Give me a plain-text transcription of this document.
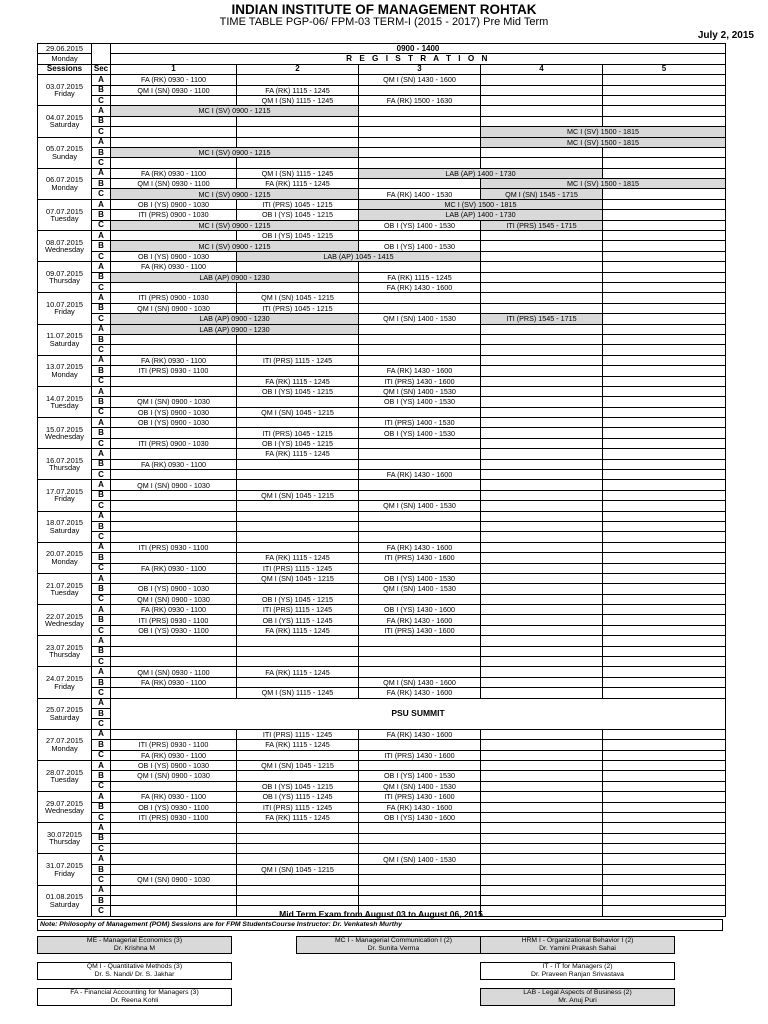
INDIAN INSTITUTE OF MANAGEMENT ROHTAK
TIME TABLE PGP-06/ FPM-03 TERM-I (2015 - 2017) Pre Mid Term
July 2, 2015
29.06.2015		0900 - 1400				
Monday		R E G I S T R A T I O N				
Sessions	Sec	1	2	3	4	5

03.07.2015
Friday	A	FA (RK) 0930 - 1100		QM I (SN) 1430 - 1600		
	B	QM I (SN) 0930 - 1100	FA (RK) 1115 - 1245			
	C		QM I (SN) 1115 - 1245	FA (RK) 1500 - 1630		

04.07.2015
Saturday	A	MC I (SV) 0900 - 1215				
	B					
	C				MC I (SV) 1500 - 1815	

05.07.2015
Sunday	A				MC I (SV) 1500 - 1815	
	B	MC I (SV) 0900 - 1215				
	C					

06.07.2015
Monday	A	FA (RK) 0930 - 1100	QM I (SN) 1115 - 1245	LAB (AP) 1400 - 1730		
	B	QM I (SN) 0930 - 1100	FA (RK) 1115 - 1245		MC I (SV) 1500 - 1815	
	C	MC I (SV) 0900 - 1215		FA (RK) 1400 - 1530	QM I (SN) 1545 - 1715	

07.07.2015
Tuesday	A	OB I (YS) 0900 - 1030	ITI (PRS) 1045 - 1215	MC I (SV) 1500 - 1815		
	B	ITI (PRS) 0900 - 1030	OB I (YS) 1045 - 1215	LAB (AP) 1400 - 1730		
	C	MC I (SV) 0900 - 1215		OB I (YS) 1400 - 1530	ITI (PRS) 1545 - 1715	

08.07.2015
Wednesday	A		OB I (YS) 1045 - 1215			
	B	MC I (SV) 0900 - 1215		OB I (YS) 1400 - 1530		
	C	OB I (YS) 0900 - 1030	LAB (AP) 1045 - 1415			

09.07.2015
Thursday	A	FA (RK) 0930 - 1100				
	B	LAB (AP) 0900 - 1230		FA (RK) 1115 - 1245		
	C			FA (RK) 1430 - 1600		

10.07.2015
Friday	A	ITI (PRS) 0900 - 1030	QM I (SN) 1045 - 1215			
	B	QM I (SN) 0900 - 1030	ITI (PRS) 1045 - 1215			
	C	LAB (AP) 0900 - 1230		QM I (SN) 1400 - 1530	ITI (PRS) 1545 - 1715	

11.07.2015
Saturday	A	LAB (AP) 0900 - 1230				
	B					
	C					

13.07.2015
Monday	A	FA (RK) 0930 - 1100	ITI (PRS) 1115 - 1245			
	B	ITI (PRS) 0930 - 1100		FA (RK) 1430 - 1600		
	C		FA (RK) 1115 - 1245	ITI (PRS) 1430 - 1600		

14.07.2015
Tuesday	A		OB I (YS) 1045 - 1215	QM I (SN) 1400 - 1530		
	B	QM I (SN) 0900 - 1030		OB I (YS) 1400 - 1530		
	C	OB I (YS) 0900 - 1030	QM I (SN) 1045 - 1215			

15.07.2015
Wednesday	A	OB I (YS) 0900 - 1030		ITI (PRS) 1400 - 1530		
	B		ITI (PRS) 1045 - 1215	OB I (YS) 1400 - 1530		
	C	ITI (PRS) 0900 - 1030	OB I (YS) 1045 - 1215			

16.07.2015
Thursday	A		FA (RK) 1115 - 1245			
	B	FA (RK) 0930 - 1100				
	C			FA (RK) 1430 - 1600		

17.07.2015
Friday	A	QM I (SN) 0900 - 1030				
	B		QM I (SN) 1045 - 1215			
	C			QM I (SN) 1400 - 1530		

18.07.2015
Saturday	A					
	B					
	C					

20.07.2015
Monday	A	ITI (PRS) 0930 - 1100		FA (RK) 1430 - 1600		
	B		FA (RK) 1115 - 1245	ITI (PRS) 1430 - 1600		
	C	FA (RK) 0930 - 1100	ITI (PRS) 1115 - 1245			

21.07.2015
Tuesday	A		QM I (SN) 1045 - 1215	OB I (YS) 1400 - 1530		
	B	OB I (YS) 0900 - 1030		QM I (SN) 1400 - 1530		
	C	QM I (SN) 0900 - 1030	OB I (YS) 1045 - 1215			

22.07.2015
Wednesday	A	FA (RK) 0930 - 1100	ITI (PRS) 1115 - 1245	OB I (YS) 1430 - 1600		
	B	ITI (PRS) 0930 - 1100	OB I (YS) 1115 - 1245	FA (RK) 1430 - 1600		
	C	OB I (YS) 0930 - 1100	FA (RK) 1115 - 1245	ITI (PRS) 1430 - 1600		

23.07.2015
Thursday	A					
	B					
	C					

24.07.2015
Friday	A	QM I (SN) 0930 - 1100	FA (RK) 1115 - 1245			
	B	FA (RK) 0930 - 1100		QM I (SN) 1430 - 1600		
	C		QM I (SN) 1115 - 1245	FA (RK) 1430 - 1600		

25.07.2015
Saturday	A	PSU SUMMIT				
	B					
	C					

27.07.2015
Monday	A		ITI (PRS) 1115 - 1245	FA (RK) 1430 - 1600		
	B	ITI (PRS) 0930 - 1100	FA (RK) 1115 - 1245			
	C	FA (RK) 0930 - 1100		ITI (PRS) 1430 - 1600		

28.07.2015
Tuesday	A	OB I (YS) 0900 - 1030	QM I (SN) 1045 - 1215			
	B	QM I (SN) 0900 - 1030		OB I (YS) 1400 - 1530		
	C		OB I (YS) 1045 - 1215	QM I (SN) 1400 - 1530		

29.07.2015
Wednesday	A	FA (RK) 0930 - 1100	OB I (YS) 1115 - 1245	ITI (PRS) 1430 - 1600		
	B	OB I (YS) 0930 - 1100	ITI (PRS) 1115 - 1245	FA (RK) 1430 - 1600		
	C	ITI (PRS) 0930 - 1100	FA (RK) 1115 - 1245	OB I (YS) 1430 - 1600		

30.072015
Thursday	A					
	B					
	C					

31.07.2015
Friday	A			QM I (SN) 1400 - 1530		
	B		QM I (SN) 1045 - 1215			
	C	QM I (SN) 0900 - 1030				

01.08.2015
Saturday	A					
	B					
	C						Mid Term Exam from August 03 to August 06, 2015
Note: Philosophy of Management (POM) Sessions are for FPM StudentsCourse Instructor: Dr. Venkatesh Murthy
ME - Managerial Economics (3)
Dr. Krishna M
MC I - Managerial Communication I (2)
Dr. Sunita Verma
HRM I - Organizational Behavior I (2)
Dr. Yamini Prakash Sahai
QM I - Quantitative Methods (3)
Dr. S. Nandi/ Dr. S. Jakhar
IT - IT for Managers (2)
Dr. Praveen Ranjan Srivastava
FA - Financial Accounting for Managers (3)
Dr. Reena Kohli
LAB - Legal Aspects of Business (2)
Mr. Anuj Puri
